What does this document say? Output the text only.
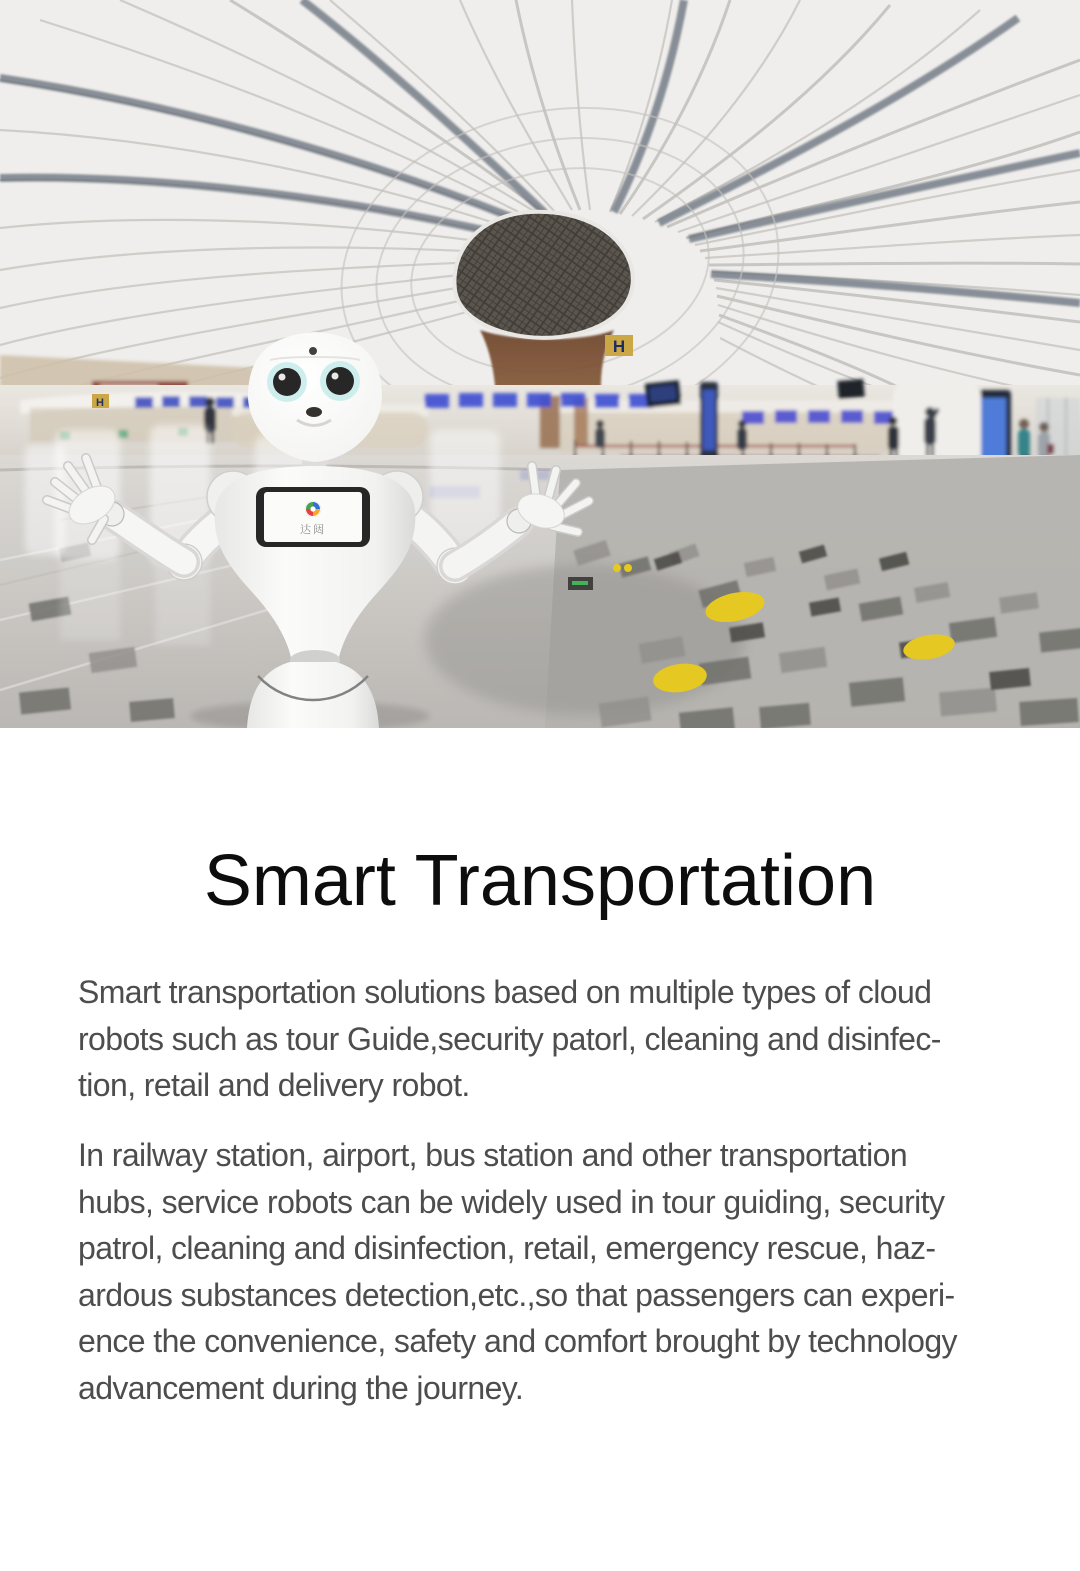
H
H
达闼
Smart Transportation
Smart transportation solutions based on multiple types of cloud
robots such as tour Guide,security patorl, cleaning and disinfec-
tion, retail and delivery robot.
In railway station, airport, bus station and other transportation
hubs, service robots can be widely used in tour guiding, security
patrol, cleaning and disinfection, retail, emergency rescue, haz-
ardous substances detection,etc.,so that passengers can experi-
ence the convenience, safety and comfort brought by technology
advancement during the journey.
